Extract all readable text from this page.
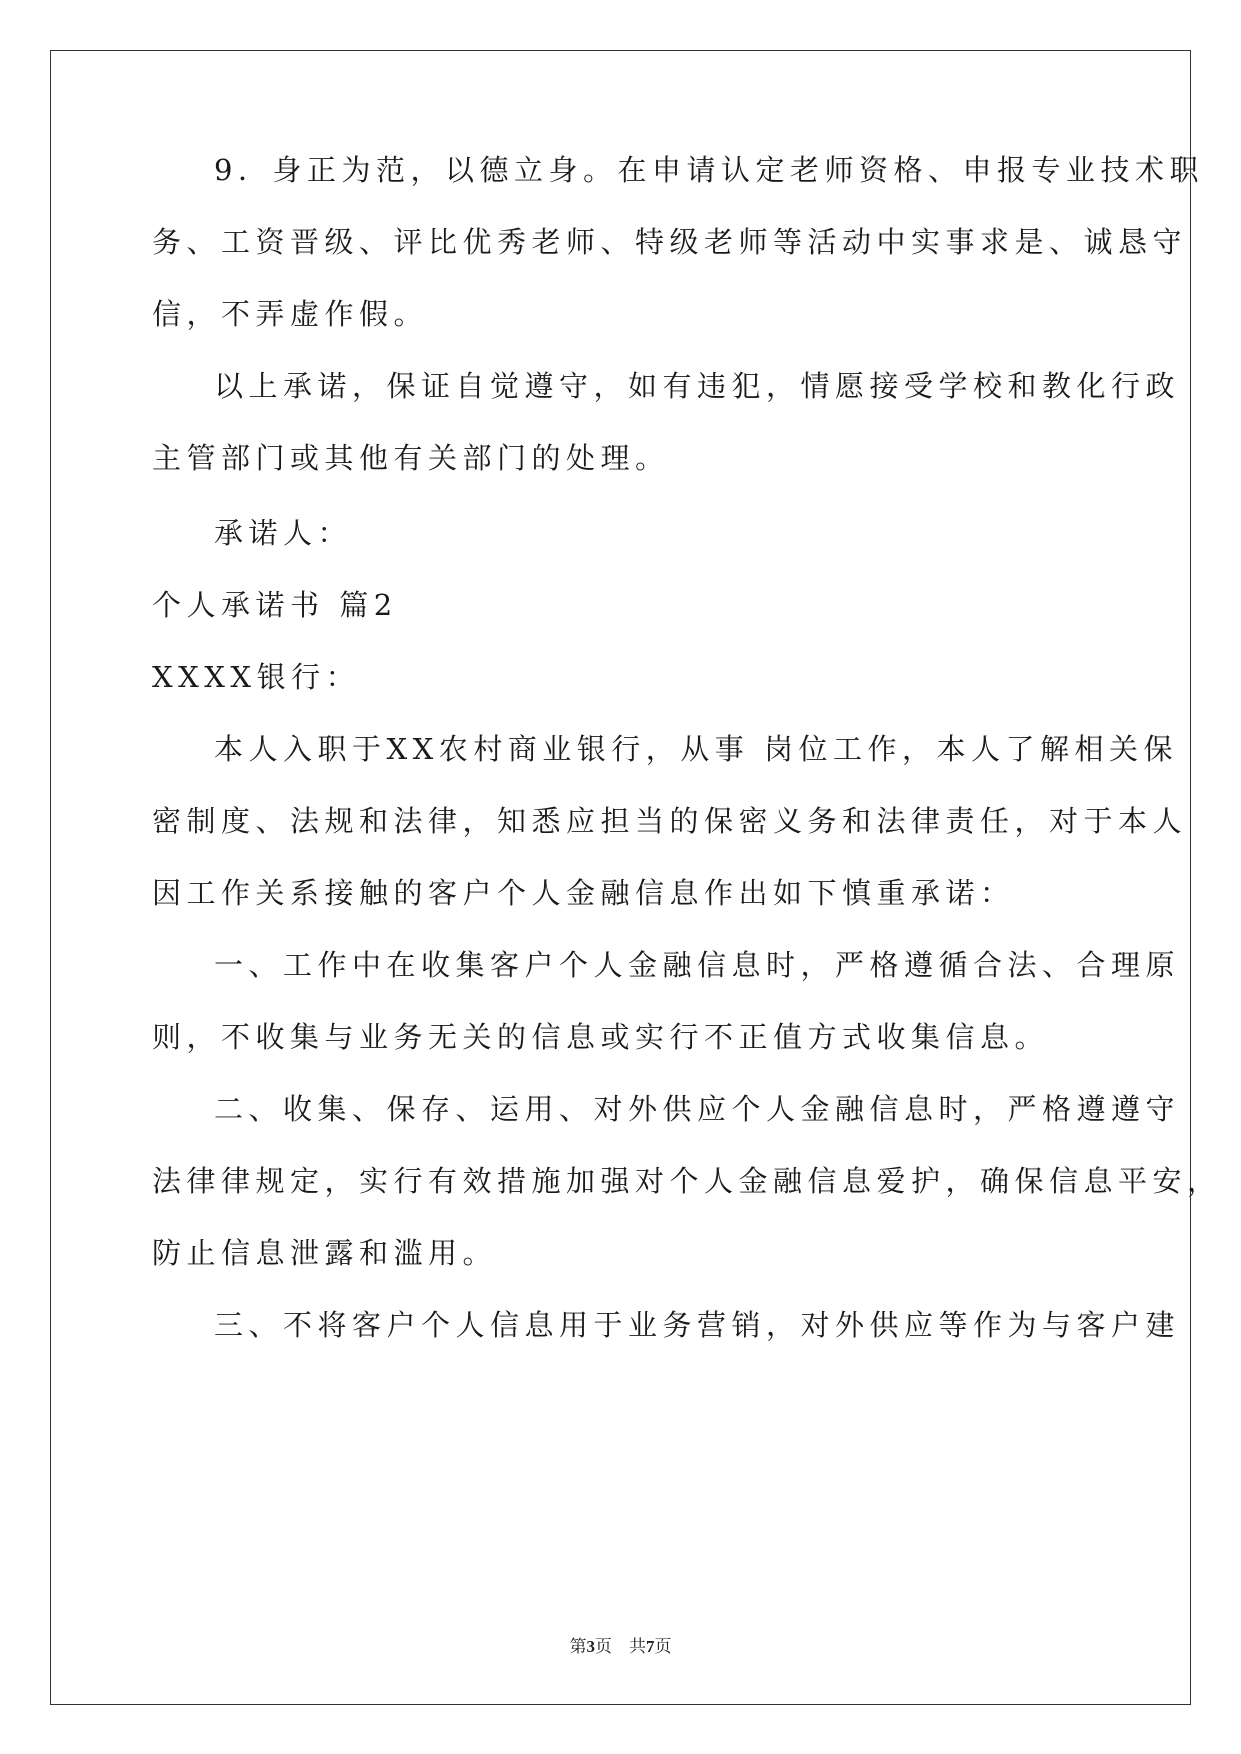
9．身正为范，以德立身。在申请认定老师资格、申报专业技术职
务、工资晋级、评比优秀老师、特级老师等活动中实事求是、诚恳守
信，不弄虚作假。
以上承诺，保证自觉遵守，如有违犯，情愿接受学校和教化行政
主管部门或其他有关部门的处理。
承诺人：
个人承诺书 篇2
XXXX银行：
本人入职于XX农村商业银行，从事 岗位工作，本人了解相关保
密制度、法规和法律，知悉应担当的保密义务和法律责任，对于本人
因工作关系接触的客户个人金融信息作出如下慎重承诺：
一、工作中在收集客户个人金融信息时，严格遵循合法、合理原
则，不收集与业务无关的信息或实行不正值方式收集信息。
二、收集、保存、运用、对外供应个人金融信息时，严格遵遵守
法律律规定，实行有效措施加强对个人金融信息爱护，确保信息平安，
防止信息泄露和滥用。
三、不将客户个人信息用于业务营销，对外供应等作为与客户建
第3页 共7页
